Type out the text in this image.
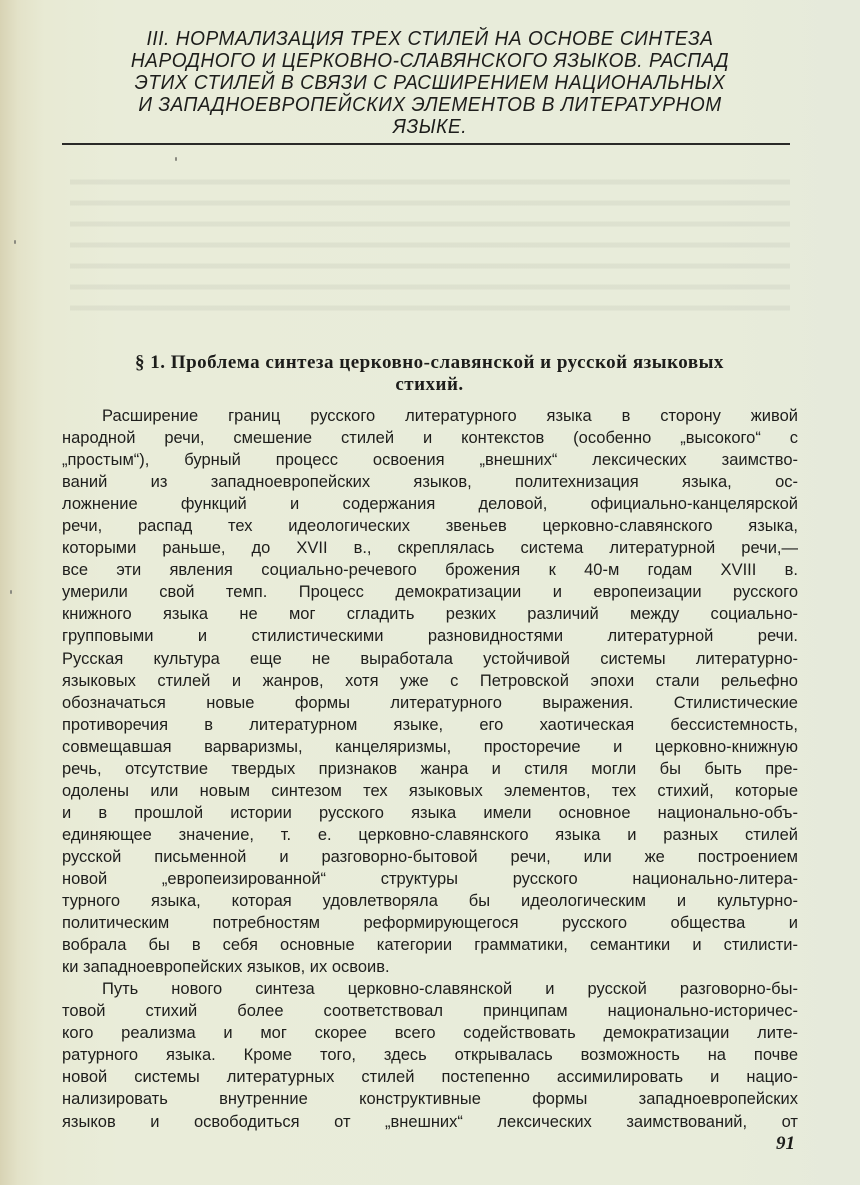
III. НОРМАЛИЗАЦИЯ ТРЕХ СТИЛЕЙ НА ОСНОВЕ СИНТЕЗА
НАРОДНОГО И ЦЕРКОВНО-СЛАВЯНСКОГО ЯЗЫКОВ. РАСПАД
ЭТИХ СТИЛЕЙ В СВЯЗИ С РАСШИРЕНИЕМ НАЦИОНАЛЬНЫХ
И ЗАПАДНОЕВРОПЕЙСКИХ ЭЛЕМЕНТОВ В ЛИТЕРАТУРНОМ
ЯЗЫКЕ.
§ 1. Проблема синтеза церковно-славянской и русской языковых
стихий.
Расширение границ русского литературного языка в сторону живой
народной речи, смешение стилей и контекстов (особенно „высокого“ с
„простым“), бурный процесс освоения „внешних“ лексических заимство-
ваний из западноевропейских языков, политехнизация языка, ос-
ложнение функций и содержания деловой, официально-канцелярской
речи, распад тех идеологических звеньев церковно-славянского языка,
которыми раньше, до XVII в., скреплялась система литературной речи,—
все эти явления социально-речевого брожения к 40-м годам XVIII в.
умерили свой темп. Процесс демократизации и европеизации русского
книжного языка не мог сгладить резких различий между социально-
групповыми и стилистическими разновидностями литературной речи.
Русская культура еще не выработала устойчивой системы литературно-
языковых стилей и жанров, хотя уже с Петровской эпохи стали рельефно
обозначаться новые формы литературного выражения. Стилистические
противоречия в литературном языке, его хаотическая бессистемность,
совмещавшая варваризмы, канцеляризмы, просторечие и церковно-книжную
речь, отсутствие твердых признаков жанра и стиля могли бы быть пре-
одолены или новым синтезом тех языковых элементов, тех стихий, которые
и в прошлой истории русского языка имели основное национально-объ-
единяющее значение, т. е. церковно-славянского языка и разных стилей
русской письменной и разговорно-бытовой речи, или же построением
новой „европеизированной“ структуры русского национально-литера-
турного языка, которая удовлетворяла бы идеологическим и культурно-
политическим потребностям реформирующегося русского общества и
вобрала бы в себя основные категории грамматики, семантики и стилисти-
ки западноевропейских языков, их освоив.
Путь нового синтеза церковно-славянской и русской разговорно-бы-
товой стихий более соответствовал принципам национально-историчес-
кого реализма и мог скорее всего содействовать демократизации лите-
ратурного языка. Кроме того, здесь открывалась возможность на почве
новой системы литературных стилей постепенно ассимилировать и нацио-
нализировать внутренние конструктивные формы западноевропейских
языков и освободиться от „внешних“ лексических заимствований, от
91
